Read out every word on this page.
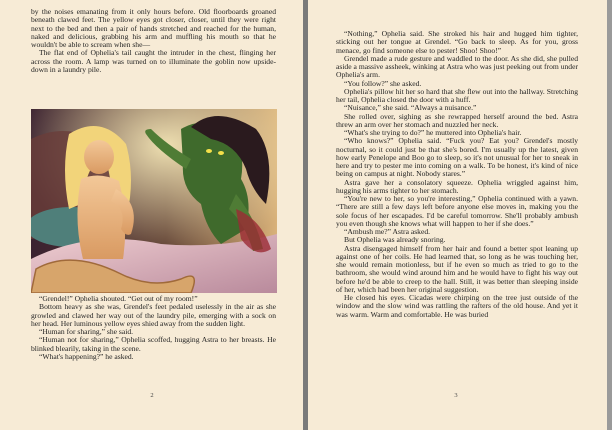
by the noises emanating from it only hours before. Old floorboards groaned beneath clawed feet. The yellow eyes got closer, closer, until they were right next to the bed and then a pair of hands stretched and reached for the human, naked and delicious, grabbing his arm and muffling his mouth so that he wouldn't be able to scream when she—

The flat end of Ophelia's tail caught the intruder in the chest, flinging her across the room. A lamp was turned on to illuminate the goblin now upside-down in a laundry pile.

“Grendel!” Ophelia shouted. “Get out of my room!”

Bottom heavy as she was, Grendel's feet pedaled uselessly in the air as she growled and clawed her way out of the laundry pile, emerging with a sock on her head. Her luminous yellow eyes shied away from the sudden light.

“Human for sharing,” she said.

“Human not for sharing,” Ophelia scoffed, hugging Astra to her breasts. He blinked blearily, taking in the scene.

“What's happening?” he asked.

2

“Nothing,” Ophelia said. She stroked his hair and hugged him tighter, sticking out her tongue at Grendel. “Go back to sleep. As for you, gross menace, go find someone else to pester! Shoo! Shoo!”

Grendel made a rude gesture and waddled to the door. As she did, she pulled aside a massive assheek, winking at Astra who was just peeking out from under Ophelia's arm.

“You follow?” she asked.

Ophelia's pillow hit her so hard that she flew out into the hallway. Stretching her tail, Ophelia closed the door with a huff.

“Nuisance,” she said. “Always a nuisance.”

She rolled over, sighing as she rewrapped herself around the bed. Astra threw an arm over her stomach and nuzzled her neck.

“What's she trying to do?” he muttered into Ophelia's hair.

“Who knows?” Ophelia said. “Fuck you? Eat you? Grendel's mostly nocturnal, so it could just be that she's bored. I'm usually up the latest, given how early Penelope and Boo go to sleep, so it's not unusual for her to sneak in here and try to pester me into coming on a walk. To be honest, it's kind of nice being on campus at night. Nobody stares.”

Astra gave her a consolatory squeeze. Ophelia wriggled against him, hugging his arms tighter to her stomach.

“You're new to her, so you're interesting,” Ophelia continued with a yawn. “There are still a few days left before anyone else moves in, making you the sole focus of her escapades. I'd be careful tomorrow. She'll probably ambush you even though she knows what will happen to her if she does.”

“Ambush me?” Astra asked.

But Ophelia was already snoring.

Astra disengaged himself from her hair and found a better spot leaning up against one of her coils. He had learned that, so long as he was touching her, she would remain motionless, but if he even so much as tried to go to the bathroom, she would wind around him and he would have to fight his way out before he'd be able to creep to the hall. Still, it was better than sleeping inside of her, which had been her original suggestion.

He closed his eyes. Cicadas were chirping on the tree just outside of the window and the slow wind was rattling the rafters of the old house. And yet it was warm. Warm and comfortable. He was buried

3
